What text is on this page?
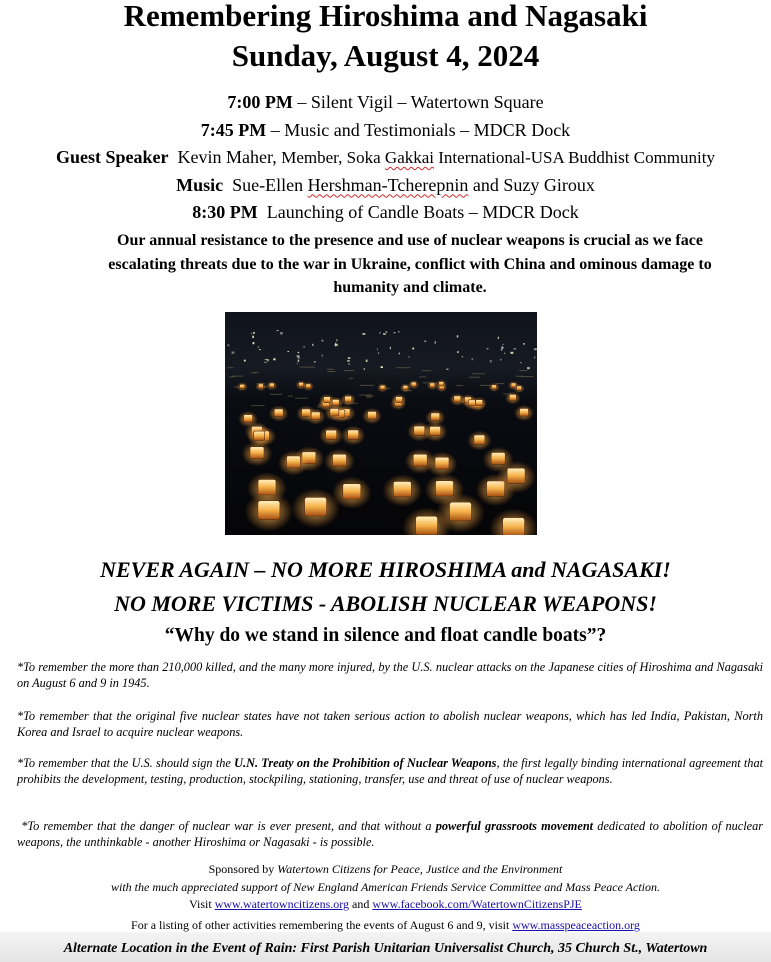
Remembering Hiroshima and Nagasaki
Sunday, August 4, 2024
7:00 PM – Silent Vigil – Watertown Square
7:45 PM – Music and Testimonials – MDCR Dock
Guest Speaker Kevin Maher, Member, Soka Gakkai International-USA Buddhist Community
Music Sue-Ellen Hershman-Tcherepnin and Suzy Giroux
8:30 PM Launching of Candle Boats – MDCR Dock
Our annual resistance to the presence and use of nuclear weapons is crucial as we face escalating threats due to the war in Ukraine, conflict with China and ominous damage to humanity and climate.
NEVER AGAIN – NO MORE HIROSHIMA and NAGASAKI!
NO MORE VICTIMS - ABOLISH NUCLEAR WEAPONS!
“Why do we stand in silence and float candle boats”?
*To remember the more than 210,000 killed, and the many more injured, by the U.S. nuclear attacks on the Japanese cities of Hiroshima and Nagasaki on August 6 and 9 in 1945.
*To remember that the original five nuclear states have not taken serious action to abolish nuclear weapons, which has led India, Pakistan, North Korea and Israel to acquire nuclear weapons.
*To remember that the U.S. should sign the U.N. Treaty on the Prohibition of Nuclear Weapons, the first legally binding international agreement that prohibits the development, testing, production, stockpiling, stationing, transfer, use and threat of use of nuclear weapons.
*To remember that the danger of nuclear war is ever present, and that without a powerful grassroots movement dedicated to abolition of nuclear weapons, the unthinkable - another Hiroshima or Nagasaki - is possible.
Sponsored by Watertown Citizens for Peace, Justice and the Environment
with the much appreciated support of New England American Friends Service Committee and Mass Peace Action.
Visit www.watertowncitizens.org and www.facebook.com/WatertownCitizensPJE
For a listing of other activities remembering the events of August 6 and 9, visit www.masspeaceaction.org
Alternate Location in the Event of Rain: First Parish Unitarian Universalist Church, 35 Church St., Watertown
